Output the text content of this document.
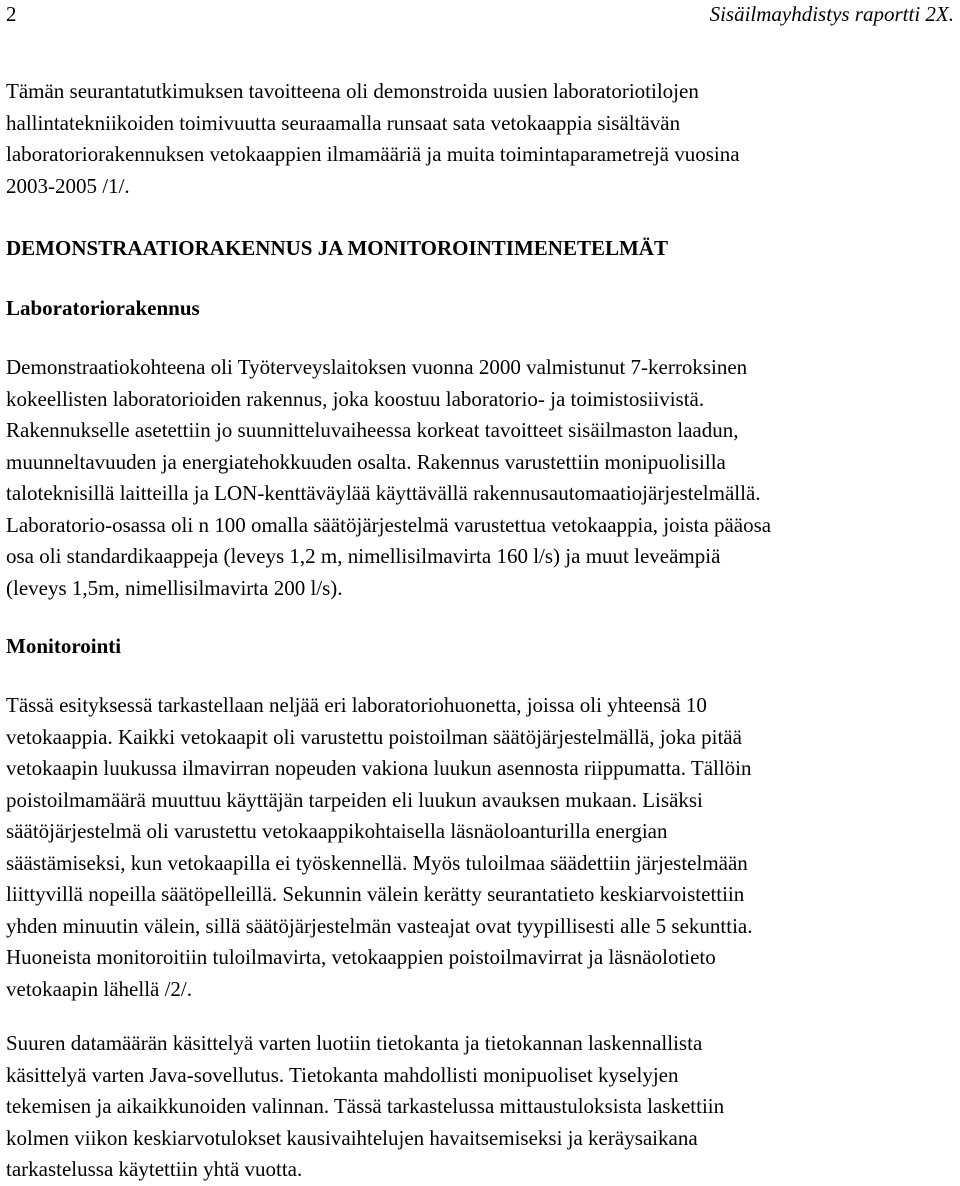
2	Sisäilmayhdistys raportti 2X.
Tämän seurantatutkimuksen tavoitteena oli demonstroida uusien laboratoriotilojen
hallintatekniikoiden toimivuutta seuraamalla runsaat sata vetokaappia sisältävän
laboratoriorakennuksen vetokaappien ilmamääriä ja muita toimintaparametrejä vuosina
2003-2005 /1/.
DEMONSTRAATIORAKENNUS JA MONITOROINTIMENETELMÄT
Laboratoriorakennus
Demonstraatiokohteena oli Työterveyslaitoksen vuonna 2000 valmistunut 7-kerroksinen
kokeellisten laboratorioiden rakennus, joka koostuu laboratorio- ja toimistosiivistä.
Rakennukselle asetettiin jo suunnitteluvaiheessa korkeat tavoitteet sisäilmaston laadun,
muunneltavuuden ja energiatehokkuuden osalta. Rakennus varustettiin monipuolisilla
taloteknisillä laitteilla ja LON-kenttäväylää käyttävällä rakennusautomaatiojärjestelmällä.
Laboratorio-osassa oli n 100 omalla säätöjärjestelmä varustettua vetokaappia, joista pääosa
osa oli standardikaappeja (leveys 1,2 m, nimellisilmavirta 160 l/s) ja muut leveämpiä
(leveys 1,5m, nimellisilmavirta 200 l/s).
Monitorointi
Tässä esityksessä tarkastellaan neljää eri laboratoriohuonetta, joissa oli yhteensä 10
vetokaappia. Kaikki vetokaapit oli varustettu poistoilman säätöjärjestelmällä, joka pitää
vetokaapin luukussa ilmavirran nopeuden vakiona luukun asennosta riippumatta. Tällöin
poistoilmamäärä muuttuu käyttäjän tarpeiden eli luukun avauksen mukaan. Lisäksi
säätöjärjestelmä oli varustettu vetokaappikohtaisella läsnäoloanturilla energian
säästämiseksi, kun vetokaapilla ei työskennellä. Myös tuloilmaa säädettiin järjestelmään
liittyvillä nopeilla säätöpelleillä. Sekunnin välein kerätty seurantatieto keskiarvoistettiin
yhden minuutin välein, sillä säätöjärjestelmän vasteajat ovat tyypillisesti alle 5 sekunttia.
Huoneista monitoroitiin tuloilmavirta, vetokaappien poistoilmavirrat ja läsnäolotieto
vetokaapin lähellä /2/.
Suuren datamäärän käsittelyä varten luotiin tietokanta ja tietokannan laskennallista
käsittelyä varten Java-sovellutus. Tietokanta mahdollisti monipuoliset kyselyjen
tekemisen ja aikaikkunoiden valinnan. Tässä tarkastelussa mittaustuloksista laskettiin
kolmen viikon keskiarvotulokset kausivaihtelujen havaitsemiseksi ja keräysaikana
tarkastelussa käytettiin yhtä vuotta.
